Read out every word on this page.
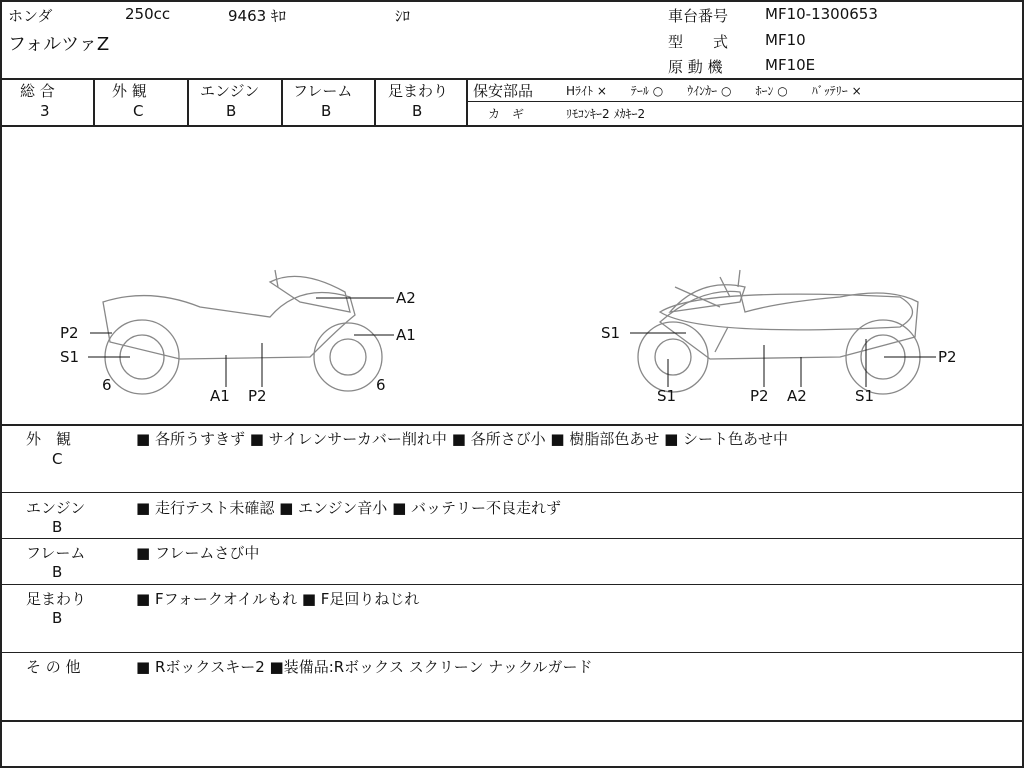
ホンダ	250cc	9463 ｷﾛ	ｼﾛ
フォルツァZ
車台番号 MF10-1300653
型　　式 MF10
原 動 機	MF10E
総 合
3
外 観
C
エンジン
B
フレーム
B
足まわり
B
保安部品	Hﾗｲﾄ ×　　ﾃｰﾙ ○　　ｳｲﾝｶｰ ○　　ﾎｰﾝ ○　　ﾊﾞｯﾃﾘｰ ×
カ　ギ	ﾘﾓｺﾝｷｰ2 ﾒｶｷｰ2
A2
P2	A1
S1
6	6
A1 P2
S1
P2
S1	P2 A2	S1
外　観
C
■ 各所うすきず ■ サイレンサーカバー削れ中 ■ 各所さび小 ■ 樹脂部色あせ ■ シート色あせ中
エンジン
B
■ 走行テスト未確認 ■ エンジン音小 ■ バッテリー不良走れず
フレーム
B
■ フレームさび中
足まわり
B
■ Fフォークオイルもれ ■ F足回りねじれ
そ の 他	■ Rボックスキー2 ■装備品:Rボックス スクリーン ナックルガード
